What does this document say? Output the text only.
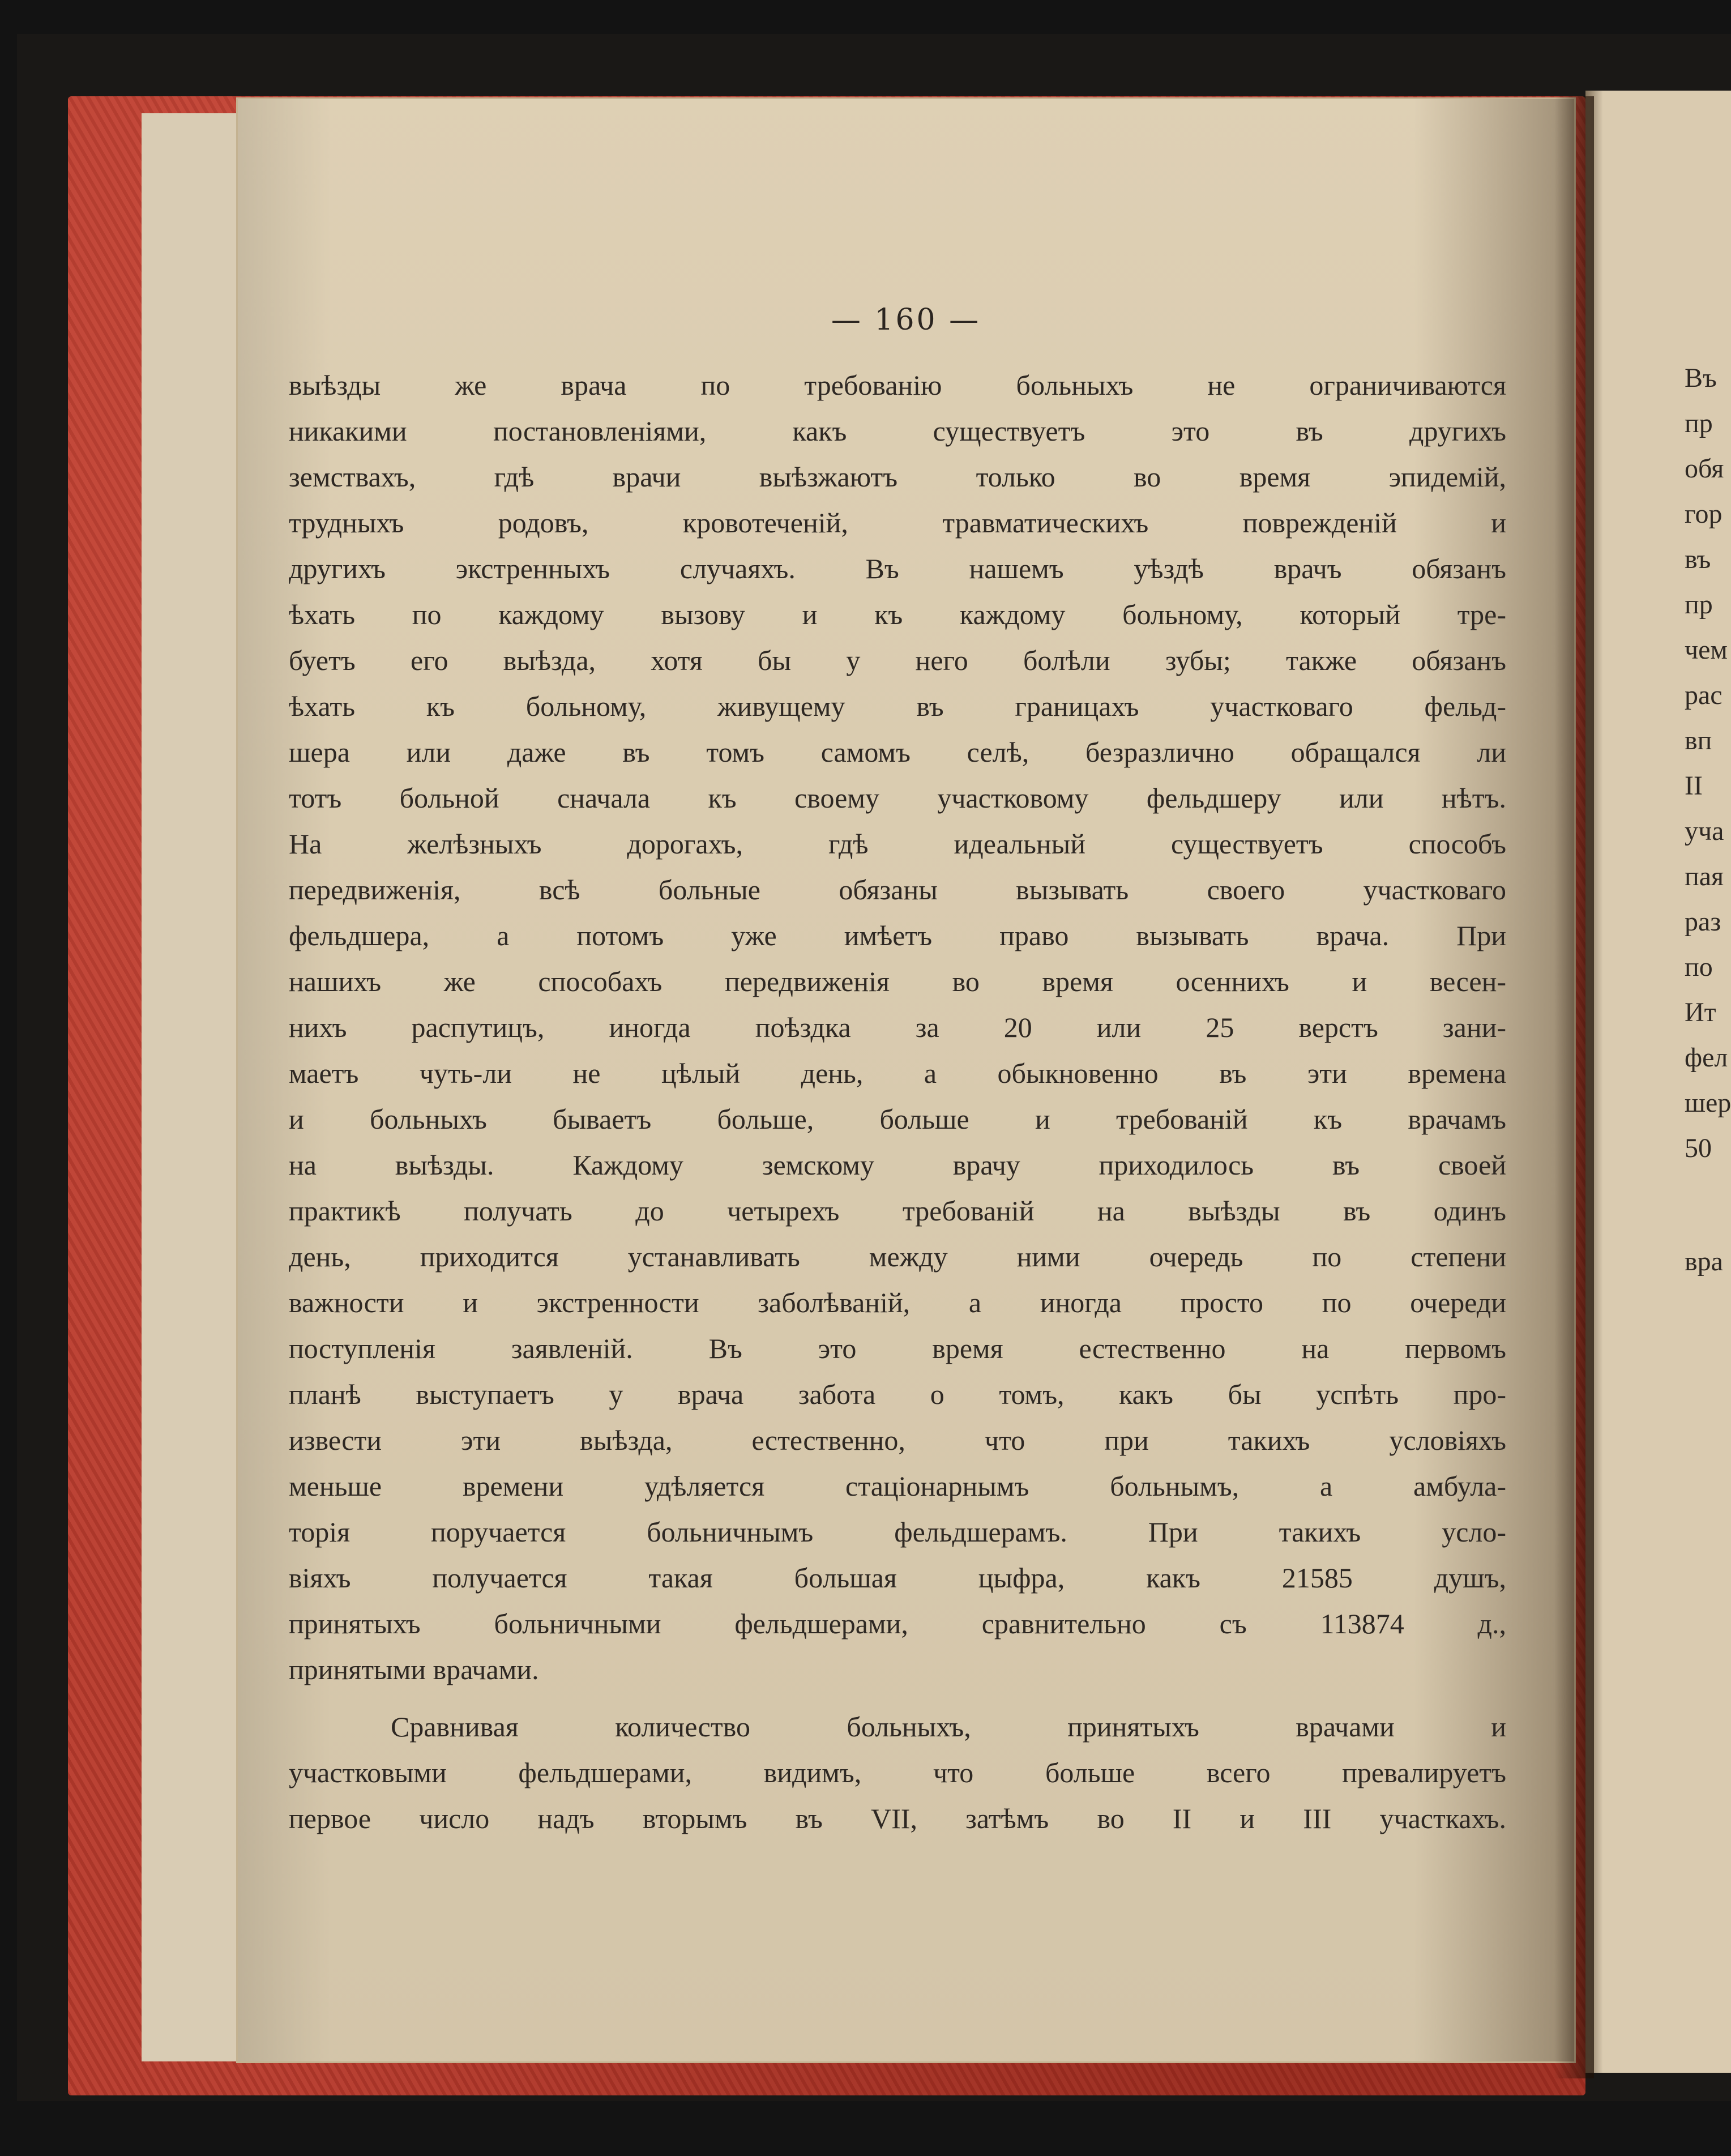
— 160 —
выѣзды же врача по требованію больныхъ не ограничиваются
никакими постановленіями, какъ существуетъ это въ другихъ
земствахъ, гдѣ врачи выѣзжаютъ только во время эпидемій,
трудныхъ родовъ, кровотеченій, травматическихъ поврежденій и
другихъ экстренныхъ случаяхъ. Въ нашемъ уѣздѣ врачъ обязанъ
ѣхать по каждому вызову и къ каждому больному, который тре-
буетъ его выѣзда, хотя бы у него болѣли зубы; также обязанъ
ѣхать къ больному, живущему въ границахъ участковаго фельд-
шера или даже въ томъ самомъ селѣ, безразлично обращался ли
тотъ больной сначала къ своему участковому фельдшеру или нѣтъ.
На желѣзныхъ дорогахъ, гдѣ идеальный существуетъ способъ
передвиженія, всѣ больные обязаны вызывать своего участковаго
фельдшера, а потомъ уже имѣетъ право вызывать врача. При
нашихъ же способахъ передвиженія во время осеннихъ и весен-
нихъ распутицъ, иногда поѣздка за 20 или 25 верстъ зани-
маетъ чуть-ли не цѣлый день, а обыкновенно въ эти времена
и больныхъ бываетъ больше, больше и требованій къ врачамъ
на выѣзды. Каждому земскому врачу приходилось въ своей
практикѣ получать до четырехъ требованій на выѣзды въ одинъ
день, приходится устанавливать между ними очередь по степени
важности и экстренности заболѣваній, а иногда просто по очереди
поступленія заявленій. Въ это время естественно на первомъ
планѣ выступаетъ у врача забота о томъ, какъ бы успѣть про-
извести эти выѣзда, естественно, что при такихъ условіяхъ
меньше времени удѣляется стаціонарнымъ больнымъ, а амбула-
торія поручается больничнымъ фельдшерамъ. При такихъ усло-
віяхъ получается такая большая цыфра, какъ 21585 душъ,
принятыхъ больничными фельдшерами, сравнительно съ 113874 д.,
принятыми врачами.
Сравнивая количество больныхъ, принятыхъ врачами и
участковыми фельдшерами, видимъ, что больше всего превалируетъ
первое число надъ вторымъ въ VII, затѣмъ во II и III участкахъ.
Въ
пр
обя
гор
въ
пр
чем
рас
вп
II
уча
пая
раз
по
Ит
фел
шер
50
вра
